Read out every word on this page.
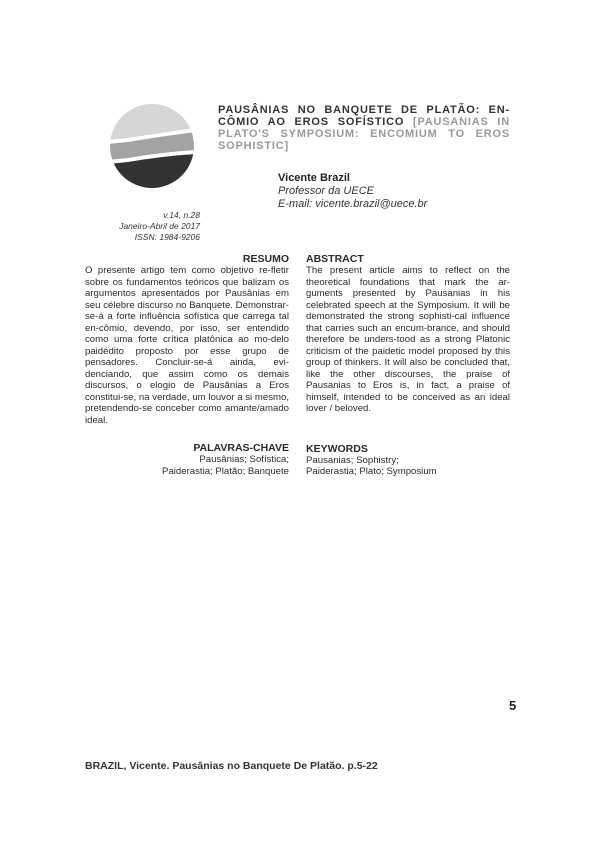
PAUSÂNIAS NO BANQUETE DE PLATÃO: EN-CÔMIO AO EROS SOFÍSTICO [PAUSANIAS IN PLATO'S SYMPOSIUM: ENCOMIUM TO EROS SOPHISTIC]
Vicente Brazil
Professor da UECE
E-mail: vicente.brazil@uece.br
v.14, n.28
Janeiro-Abril de 2017
ISSN: 1984-9206
RESUMO

O presente artigo tem como objetivo re-fletir sobre os fundamentos teóricos que balizam os argumentos apresentados por Pausânias em seu célebre discurso no Banquete. Demonstrar-se-á a forte influência sofística que carrega tal en-cômio, devendo, por isso, ser entendido como uma forte crítica platônica ao mo-delo paidédito proposto por esse grupo de pensadores. Concluir-se-á ainda, evi-denciando, que assim como os demais discursos, o elogio de Pausânias a Eros constitui-se, na verdade, um louvor a si mesmo, pretendendo-se conceber como amante/amado ideal.

PALAVRAS-CHAVE

Pausânias; Sofística;

Paiderastia; Platão; Banquete

ABSTRACT

The present article aims to reflect on the theoretical foundations that mark the ar-guments presented by Pausanias in his celebrated speech at the Symposium. It will be demonstrated the strong sophisti-cal influence that carries such an encum-brance, and should therefore be unders-tood as a strong Platonic criticism of the paidetic model proposed by this group of thinkers. It will also be concluded that, like the other discourses, the praise of Pausanias to Eros is, in fact, a praise of himself, intended to be conceived as an ideal lover / beloved.

KEYWORDS

Pausanias; Sophistry;

Paiderastia; Plato; Symposium

5
BRAZIL, Vicente. Pausânias no Banquete De Platão. p.5-22
